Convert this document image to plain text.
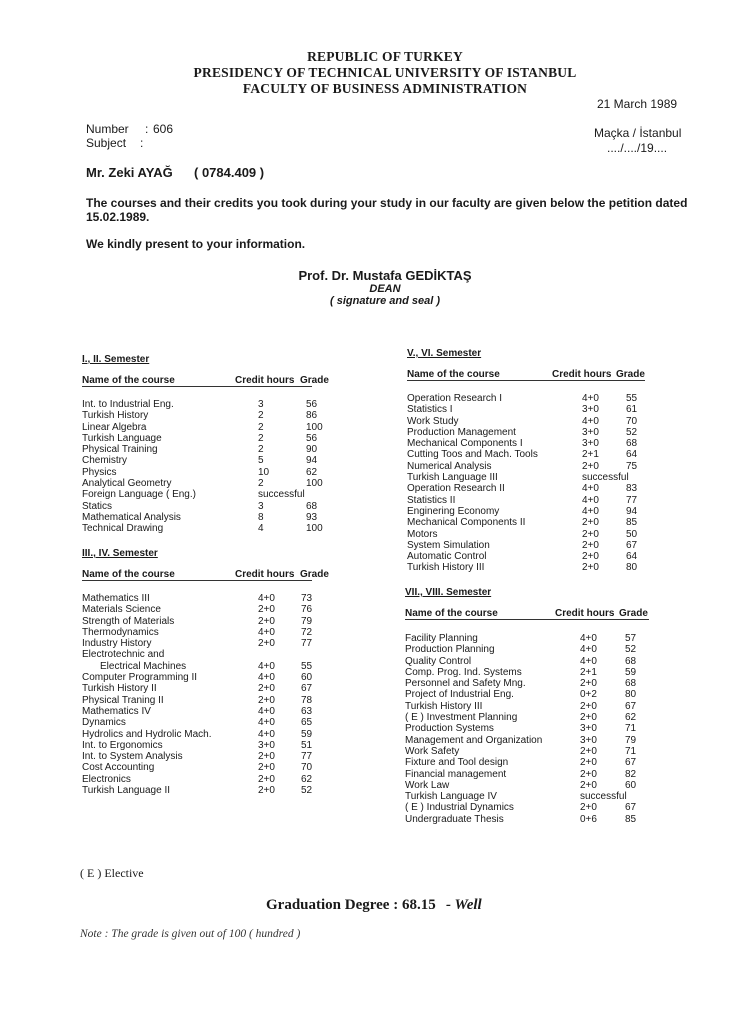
REPUBLIC OF TURKEY
PRESIDENCY OF TECHNICAL UNIVERSITY OF ISTANBUL
FACULTY OF BUSINESS ADMINISTRATION
21 March 1989
Number : 606
Subject :
Maçka / İstanbul
..../..../19....
Mr. Zeki AYAĞ ( 0784.409 )
The courses and their credits you took during your study in our faculty are given below the petition dated 15.02.1989.
We kindly present to your information.
Prof. Dr. Mustafa GEDİKTAŞ
DEAN
( signature and seal )
I., II. Semester
Name of the course	Credit hours Grade
Int. to Industrial Eng.	3	56
Turkish History	2	86
Linear Algebra	2	100
Turkish Language	2	56
Physical Training	2	90
Chemistry	5	94
Physics	10	62
Analytical Geometry	2	100
Foreign Language ( Eng.)	successful
Statics	3	68
Mathematical Analysis	8	93
Technical Drawing	4	100
III., IV. Semester
Name of the course	Credit hours Grade
Mathematics III	4+0	73
Materials Science	2+0	76
Strength of Materials	2+0	79
Thermodynamics	4+0	72
Industry History	2+0	77
Electrotechnic and
Electrical Machines	4+0	55
Computer Programming II	4+0	60
Turkish History II	2+0	67
Physical Traning II	2+0	78
Mathematics IV	4+0	63
Dynamics	4+0	65
Hydrolics and Hydrolic Mach.	4+0	59
Int. to Ergonomics	3+0	51
Int. to System Analysis	2+0	77
Cost Accounting	2+0	70
Electronics	2+0	62
Turkish Language II	2+0	52
V., VI. Semester
Name of the course	Credit hours Grade
Operation Research I	4+0	55
Statistics I	3+0	61
Work Study	4+0	70
Production Management	3+0	52
Mechanical Components I	3+0	68
Cutting Toos and Mach. Tools	2+1	64
Numerical Analysis	2+0	75
Turkish Language III	successful
Operation Research II	4+0	83
Statistics II	4+0	77
Enginering Economy	4+0	94
Mechanical Components II	2+0	85
Motors	2+0	50
System Simulation	2+0	67
Automatic Control	2+0	64
Turkish History III	2+0	80
VII., VIII. Semester
Name of the course	Credit hours Grade
Facility Planning	4+0	57
Production Planning	4+0	52
Quality Control	4+0	68
Comp. Prog. Ind. Systems	2+1	59
Personnel and Safety Mng.	2+0	68
Project of Industrial Eng.	0+2	80
Turkish History III	2+0	67
( E ) Investment Planning	2+0	62
Production Systems	3+0	71
Management and Organization	3+0	79
Work Safety	2+0	71
Fixture and Tool design	2+0	67
Financial management	2+0	82
Work Law	2+0	60
Turkish Language IV	successful
( E ) Industrial Dynamics	2+0	67
Undergraduate Thesis	0+6	85
( E ) Elective
Graduation Degree : 68.15 - Well
Note : The grade is given out of 100 ( hundred )
